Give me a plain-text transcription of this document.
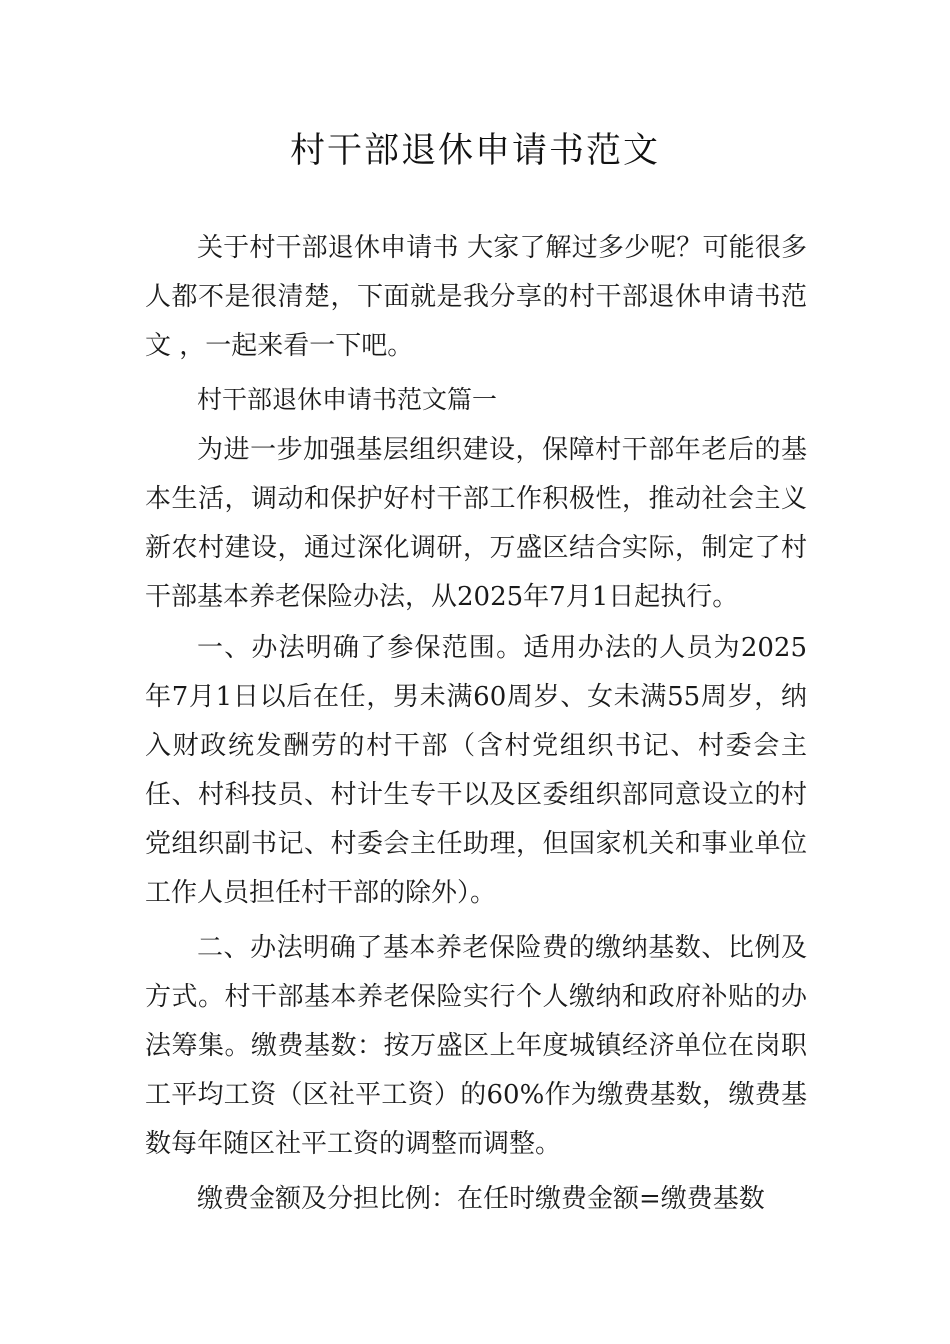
村干部退休申请书范文

关于村干部退休申请书 大家了解过多少呢？可能很多人都不是很清楚，下面就是我分享的村干部退休申请书范文 ，一起来看一下吧。

村干部退休申请书范文篇一

为进一步加强基层组织建设，保障村干部年老后的基本生活，调动和保护好村干部工作积极性，推动社会主义新农村建设，通过深化调研，万盛区结合实际，制定了村干部基本养老保险办法，从2025年7月1日起执行。

一、办法明确了参保范围。适用办法的人员为2025年7月1日以后在任，男未满60周岁、女未满55周岁，纳入财政统发酬劳的村干部（含村党组织书记、村委会主任、村科技员、村计生专干以及区委组织部同意设立的村党组织副书记、村委会主任助理，但国家机关和事业单位工作人员担任村干部的除外）。

二、办法明确了基本养老保险费的缴纳基数、比例及方式。村干部基本养老保险实行个人缴纳和政府补贴的办法筹集。缴费基数：按万盛区上年度城镇经济单位在岗职工平均工资（区社平工资）的60%作为缴费基数，缴费基数每年随区社平工资的调整而调整。

缴费金额及分担比例：在任时缴费金额=缴费基数
